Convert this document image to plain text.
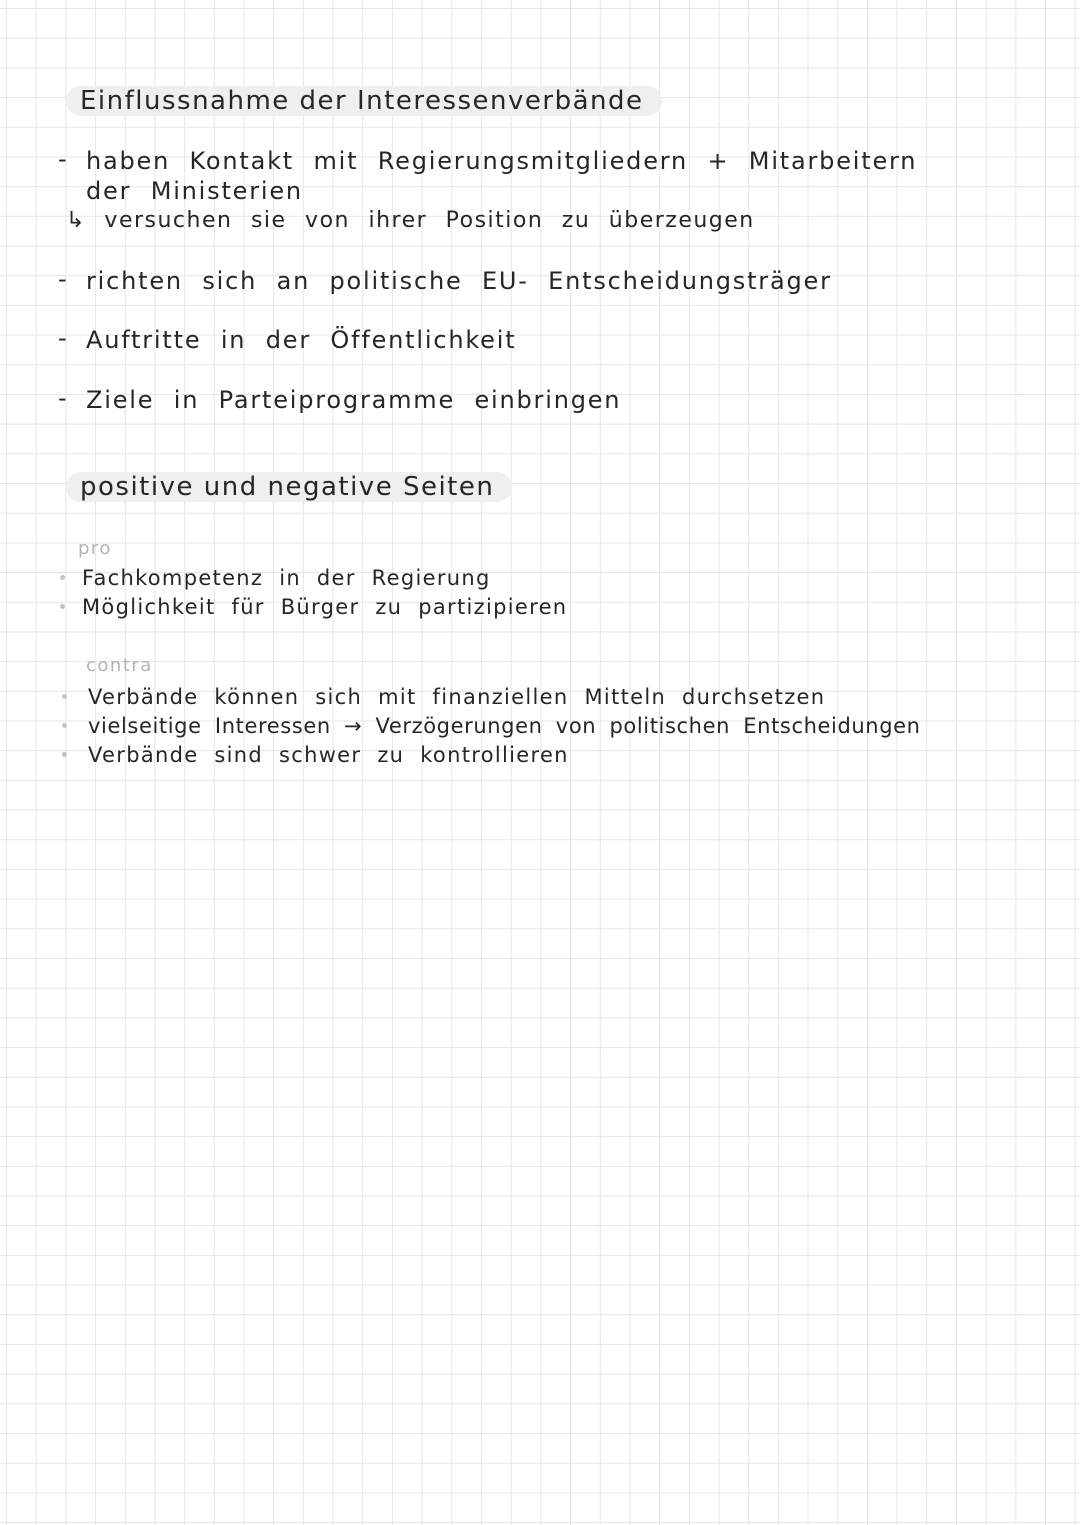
Einflussnahme der Interessenverbände
- haben Kontakt mit Regierungsmitgliedern + Mitarbeitern
der Ministerien
↳ versuchen sie von ihrer Position zu überzeugen
- richten sich an politische EU- Entscheidungsträger
- Auftritte in der Öffentlichkeit
- Ziele in Parteiprogramme einbringen
positive und negative Seiten
pro
Fachkompetenz in der Regierung
Möglichkeit für Bürger zu partizipieren
contra
Verbände können sich mit finanziellen Mitteln durchsetzen
vielseitige Interessen → Verzögerungen von politischen Entscheidungen
Verbände sind schwer zu kontrollieren
